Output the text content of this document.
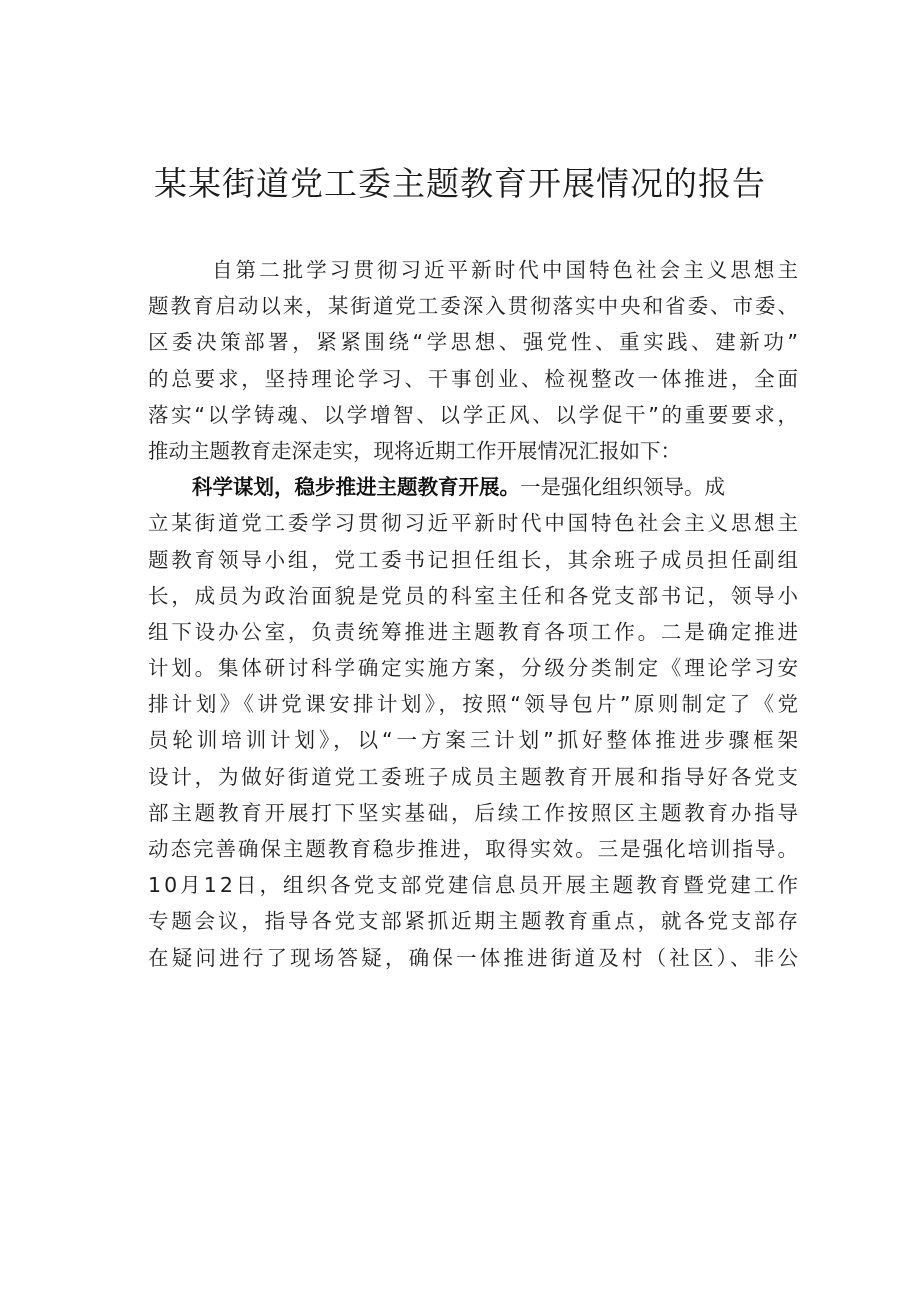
某某街道党工委主题教育开展情况的报告
自第二批学习贯彻习近平新时代中国特色社会主义思想主
题教育启动以来，某街道党工委深入贯彻落实中央和省委、市委、
区委决策部署，紧紧围绕“学思想、强党性、重实践、建新功”
的总要求，坚持理论学习、干事创业、检视整改一体推进，全面
落实“以学铸魂、以学增智、以学正风、以学促干”的重要要求，
推动主题教育走深走实，现将近期工作开展情况汇报如下：
科学谋划，稳步推进主题教育开展。 一是强化组织领导。成
立某街道党工委学习贯彻习近平新时代中国特色社会主义思想主
题教育领导小组，党工委书记担任组长，其余班子成员担任副组
长，成员为政治面貌是党员的科室主任和各党支部书记，领导小
组下设办公室，负责统筹推进主题教育各项工作。二是确定推进
计划。集体研讨科学确定实施方案，分级分类制定《理论学习安
排计划》《讲党课安排计划》，按照“领导包片”原则制定了《党
员轮训培训计划》，以“一方案三计划”抓好整体推进步骤框架
设计，为做好街道党工委班子成员主题教育开展和指导好各党支
部主题教育开展打下坚实基础，后续工作按照区主题教育办指导
动态完善确保主题教育稳步推进，取得实效。三是强化培训指导。
10月12日，组织各党支部党建信息员开展主题教育暨党建工作
专题会议，指导各党支部紧抓近期主题教育重点，就各党支部存
在疑问进行了现场答疑，确保一体推进街道及村（社区）、非公
